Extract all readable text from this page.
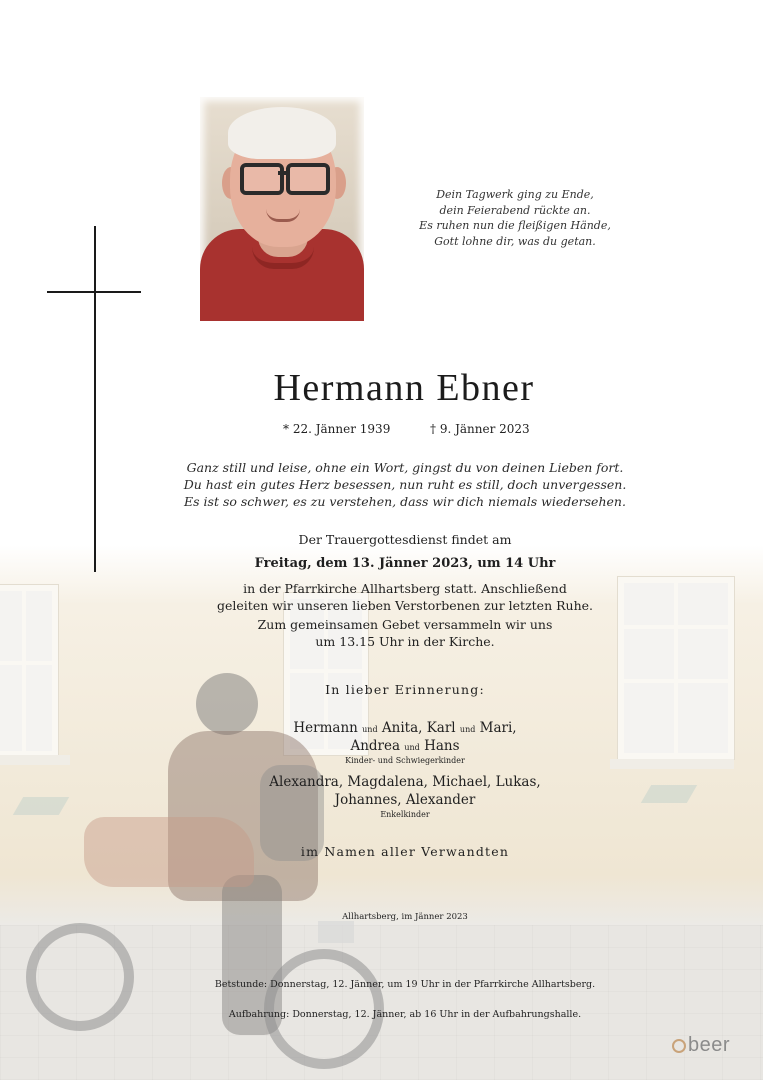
Dein Tagwerk ging zu Ende,
dein Feierabend rückte an.
Es ruhen nun die fleißigen Hände,
Gott lohne dir, was du getan.
Hermann Ebner
* 22. Jänner 1939	† 9. Jänner 2023
Ganz still und leise, ohne ein Wort, gingst du von deinen Lieben fort.
Du hast ein gutes Herz besessen, nun ruht es still, doch unvergessen.
Es ist so schwer, es zu verstehen, dass wir dich niemals wiedersehen.
Der Trauergottesdienst findet am
Freitag, dem 13. Jänner 2023, um 14 Uhr
in der Pfarrkirche Allhartsberg statt. Anschließend
geleiten wir unseren lieben Verstorbenen zur letzten Ruhe.
Zum gemeinsamen Gebet versammeln wir uns
um 13.15 Uhr in der Kirche.
In lieber Erinnerung:
Hermann und Anita, Karl und Mari,
Andrea und Hans
Kinder- und Schwiegerkinder
Alexandra, Magdalena, Michael, Lukas,
Johannes, Alexander
Enkelkinder
im Namen aller Verwandten
Allhartsberg, im Jänner 2023
Betstunde: Donnerstag, 12. Jänner, um 19 Uhr in der Pfarrkirche Allhartsberg.
Aufbahrung: Donnerstag, 12. Jänner, ab 16 Uhr in der Aufbahrungshalle.
beer
